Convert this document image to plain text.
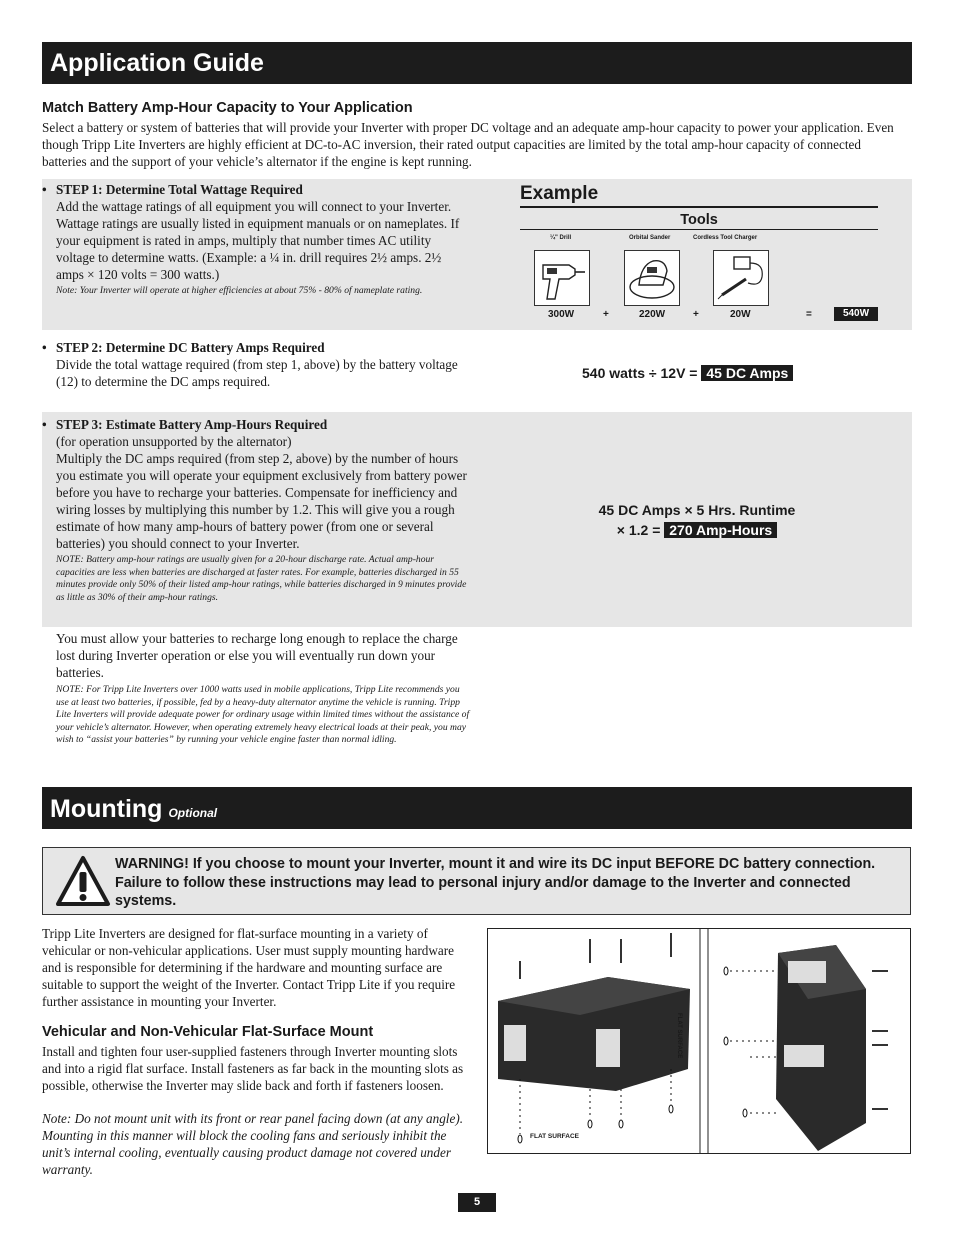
Application Guide
Match Battery Amp-Hour Capacity to Your Application
Select a battery or system of batteries that will provide your Inverter with proper DC voltage and an adequate amp-hour capacity to power your application. Even though Tripp Lite Inverters are highly efficient at DC-to-AC inversion, their rated output capacities are limited by the total amp-hour capacity of connected batteries and the support of your vehicle’s alternator if the engine is kept running.
• STEP 1: Determine Total Wattage Required
Add the wattage ratings of all equipment you will connect to your Inverter. Wattage ratings are usually listed in equipment manuals or on nameplates. If your equipment is rated in amps, multiply that number times AC utility voltage to determine watts. (Example: a ¼ in. drill requires 2½ amps. 2½ amps × 120 volts = 300 watts.)
Note: Your Inverter will operate at higher efficiencies at about 75% - 80% of nameplate rating.
Example
Tools
¼" Drill	Orbital Sander	Cordless Tool Charger
300W	+	220W	+	20W	=	540W
• STEP 2: Determine DC Battery Amps Required
Divide the total wattage required (from step 1, above) by the battery voltage (12) to determine the DC amps required.
540 watts ÷ 12V = 45 DC Amps
• STEP 3: Estimate Battery Amp-Hours Required
(for operation unsupported by the alternator)
Multiply the DC amps required (from step 2, above) by the number of hours you estimate you will operate your equipment exclusively from battery power before you have to recharge your batteries. Compensate for inefficiency and wiring losses by multiplying this number by 1.2. This will give you a rough estimate of how many amp-hours of battery power (from one or several batteries) you should connect to your Inverter.
NOTE: Battery amp-hour ratings are usually given for a 20-hour discharge rate. Actual amp-hour capacities are less when batteries are discharged at faster rates. For example, batteries discharged in 55 minutes provide only 50% of their listed amp-hour ratings, while batteries discharged in 9 minutes provide as little as 30% of their amp-hour ratings.
45 DC Amps × 5 Hrs. Runtime
× 1.2 = 270 Amp-Hours
You must allow your batteries to recharge long enough to replace the charge lost during Inverter operation or else you will eventually run down your batteries.
NOTE: For Tripp Lite Inverters over 1000 watts used in mobile applications, Tripp Lite recommends you use at least two batteries, if possible, fed by a heavy-duty alternator anytime the vehicle is running. Tripp Lite Inverters will provide adequate power for ordinary usage within limited times without the assistance of your vehicle’s alternator. However, when operating extremely heavy electrical loads at their peak, you may wish to “assist your batteries” by running your vehicle engine faster than normal idling.
Mounting Optional
WARNING! If you choose to mount your Inverter, mount it and wire its DC input BEFORE DC battery connection. Failure to follow these instructions may lead to personal injury and/or damage to the Inverter and connected systems.
Tripp Lite Inverters are designed for flat-surface mounting in a variety of vehicular or non-vehicular applications. User must supply mounting hardware and is responsible for determining if the hardware and mounting surface are suitable to support the weight of the Inverter. Contact Tripp Lite if you require further assistance in mounting your Inverter.
Vehicular and Non-Vehicular Flat-Surface Mount
Install and tighten four user-supplied fasteners through Inverter mounting slots and into a rigid flat surface. Install fasteners as far back in the mounting slots as possible, otherwise the Inverter may slide back and forth if fasteners loosen.
Note: Do not mount unit with its front or rear panel facing down (at any angle). Mounting in this manner will block the cooling fans and seriously inhibit the unit’s internal cooling, eventually causing product damage not covered under warranty.
FLAT SURFACE
FLAT SURFACE
5
